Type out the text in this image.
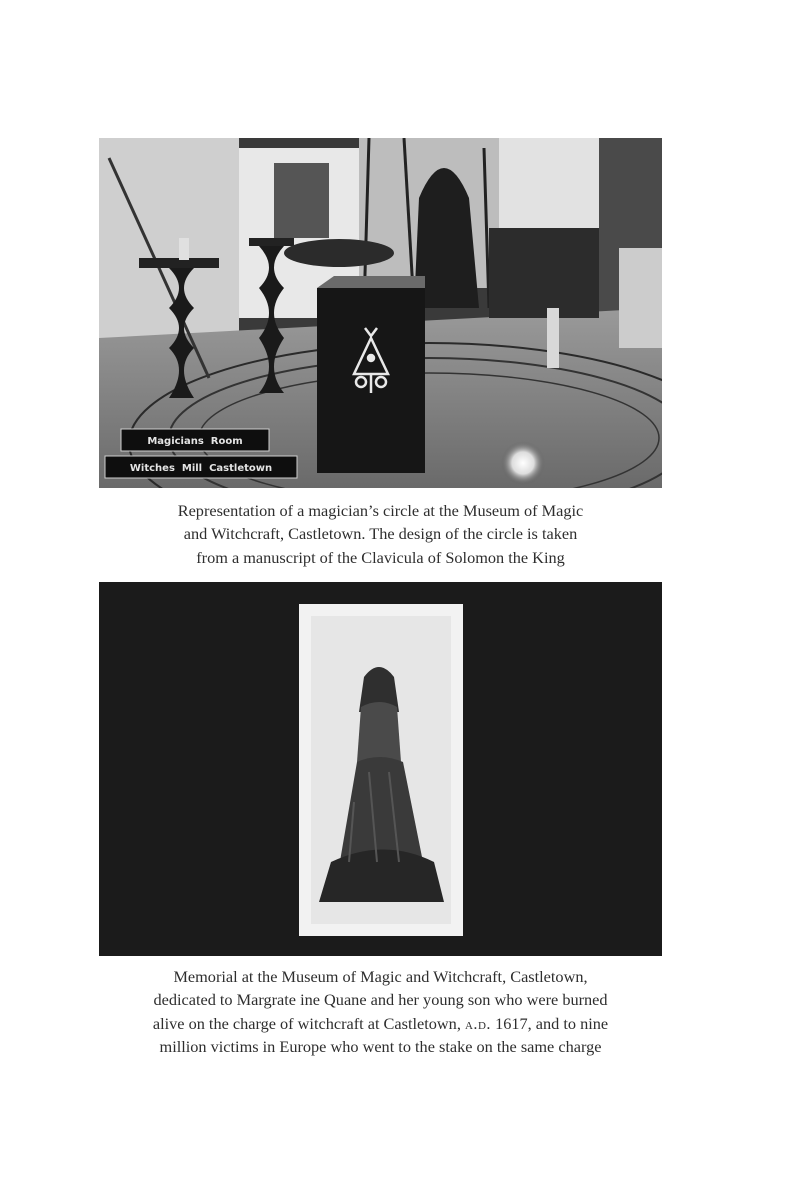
Magicians  Room
Witches  Mill  Castletown

Representation of a magician’s circle at the Museum of Magic
and Witchcraft, Castletown. The design of the circle is taken
from a manuscript of the Clavicula of Solomon the King

Memorial at the Museum of Magic and Witchcraft, Castletown,
dedicated to Margrate ine Quane and her young son who were burned
alive on the charge of witchcraft at Castletown, a.d. 1617, and to nine
million victims in Europe who went to the stake on the same charge
